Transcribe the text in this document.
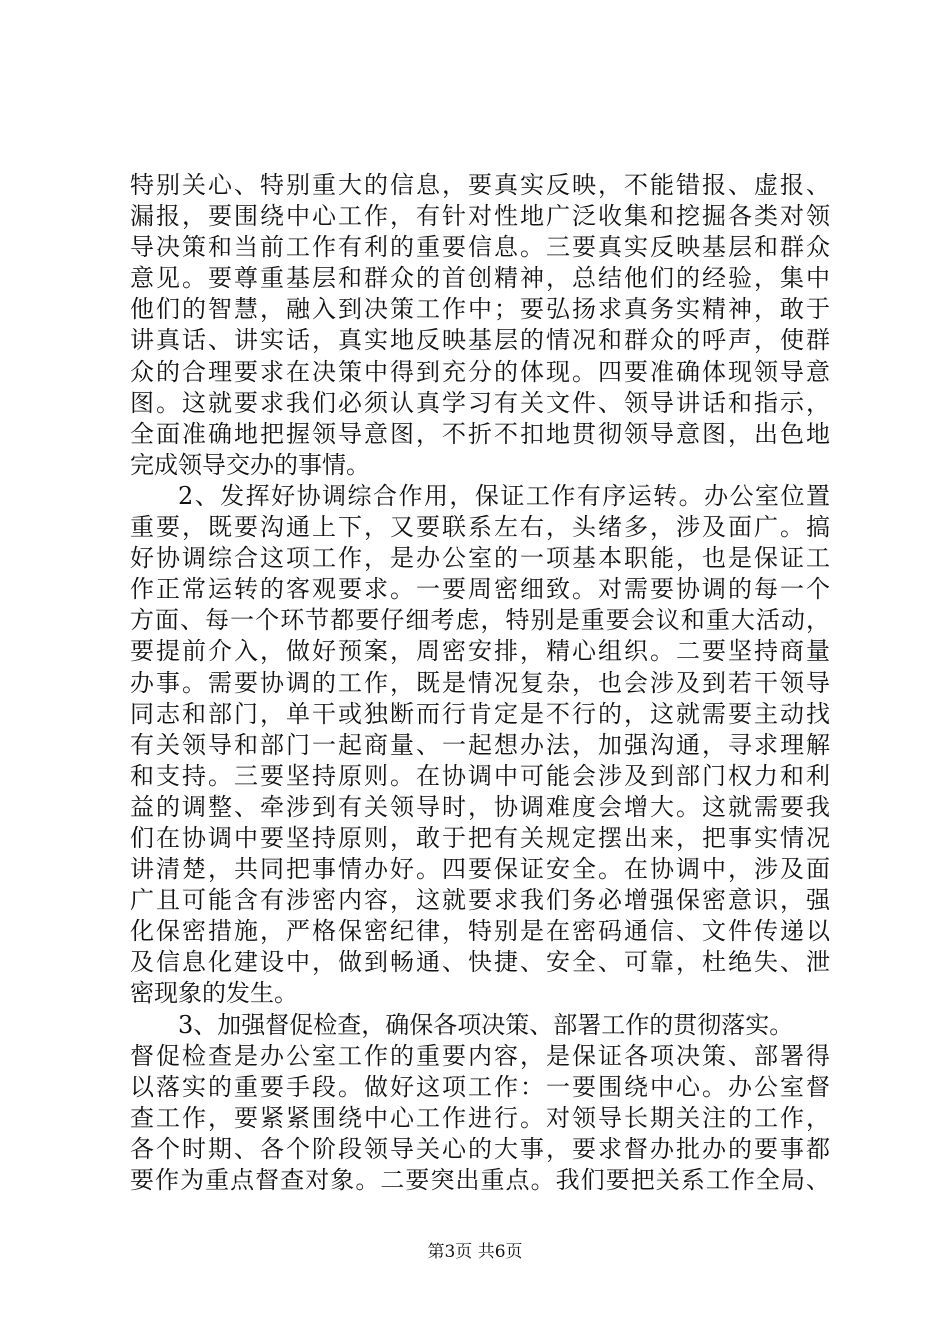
特别关心、特别重大的信息，要真实反映，不能错报、虚报、
漏报，要围绕中心工作，有针对性地广泛收集和挖掘各类对领
导决策和当前工作有利的重要信息。三要真实反映基层和群众
意见。要尊重基层和群众的首创精神，总结他们的经验，集中
他们的智慧，融入到决策工作中；要弘扬求真务实精神，敢于
讲真话、讲实话，真实地反映基层的情况和群众的呼声，使群
众的合理要求在决策中得到充分的体现。四要准确体现领导意
图。这就要求我们必须认真学习有关文件、领导讲话和指示，
全面准确地把握领导意图，不折不扣地贯彻领导意图，出色地
完成领导交办的事情。
2、发挥好协调综合作用，保证工作有序运转。办公室位置
重要，既要沟通上下，又要联系左右，头绪多，涉及面广。搞
好协调综合这项工作，是办公室的一项基本职能，也是保证工
作正常运转的客观要求。一要周密细致。对需要协调的每一个
方面、每一个环节都要仔细考虑，特别是重要会议和重大活动，
要提前介入，做好预案，周密安排，精心组织。二要坚持商量
办事。需要协调的工作，既是情况复杂，也会涉及到若干领导
同志和部门，单干或独断而行肯定是不行的，这就需要主动找
有关领导和部门一起商量、一起想办法，加强沟通，寻求理解
和支持。三要坚持原则。在协调中可能会涉及到部门权力和利
益的调整、牵涉到有关领导时，协调难度会增大。这就需要我
们在协调中要坚持原则，敢于把有关规定摆出来，把事实情况
讲清楚，共同把事情办好。四要保证安全。在协调中，涉及面
广且可能含有涉密内容，这就要求我们务必增强保密意识，强
化保密措施，严格保密纪律，特别是在密码通信、文件传递以
及信息化建设中，做到畅通、快捷、安全、可靠，杜绝失、泄
密现象的发生。
3、加强督促检查，确保各项决策、部署工作的贯彻落实。
督促检查是办公室工作的重要内容，是保证各项决策、部署得
以落实的重要手段。做好这项工作：一要围绕中心。办公室督
查工作，要紧紧围绕中心工作进行。对领导长期关注的工作，
各个时期、各个阶段领导关心的大事，要求督办批办的要事都
要作为重点督查对象。二要突出重点。我们要把关系工作全局、
第3页 共6页
